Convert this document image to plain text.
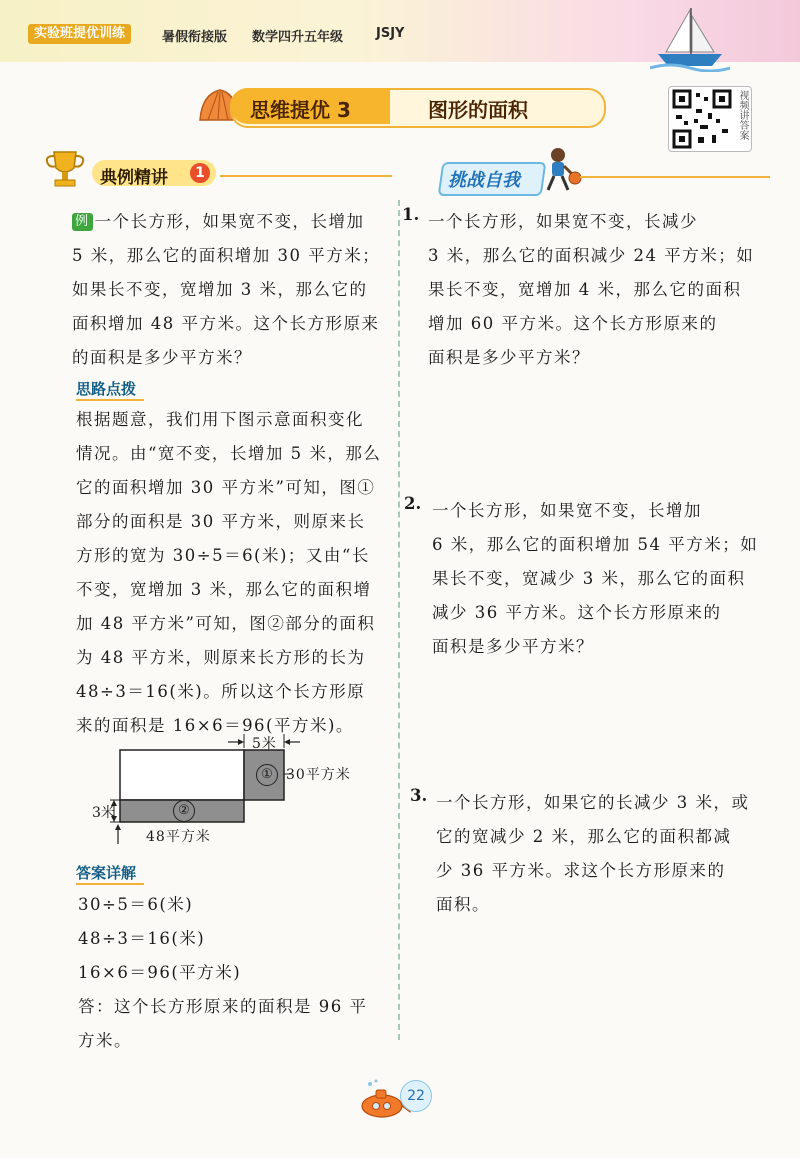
实验班提优训练	暑假衔接版 数学四升五年级	JSJY
思维提优 3	图形的面积	视频讲答案
典例精讲	1	挑战自我
例 一个长方形，如果宽不变，长增加
5 米，那么它的面积增加 30 平方米；
如果长不变，宽增加 3 米，那么它的
面积增加 48 平方米。这个长方形原来
的面积是多少平方米？
思路点拨
根据题意，我们用下图示意面积变化
情况。由“宽不变，长增加 5 米，那么
它的面积增加 30 平方米”可知，图①
部分的面积是 30 平方米，则原来长
方形的宽为 30÷5＝6(米)；又由“长
不变，宽增加 3 米，那么它的面积增
加 48 平方米”可知，图②部分的面积
为 48 平方米，则原来长方形的长为
48÷3＝16(米)。所以这个长方形原
来的面积是 16×6＝96(平方米)。
5米
30平方米
3米
48平方米
①
②
答案详解
30÷5＝6(米)
48÷3＝16(米)
16×6＝96(平方米)
答：这个长方形原来的面积是 96 平
方米。
1. 一个长方形，如果宽不变，长减少
3 米，那么它的面积减少 24 平方米；如
果长不变，宽增加 4 米，那么它的面积
增加 60 平方米。这个长方形原来的
面积是多少平方米？
2. 一个长方形，如果宽不变，长增加
6 米，那么它的面积增加 54 平方米；如
果长不变，宽减少 3 米，那么它的面积
减少 36 平方米。这个长方形原来的
面积是多少平方米？
3. 一个长方形，如果它的长减少 3 米，或
它的宽减少 2 米，那么它的面积都减
少 36 平方米。求这个长方形原来的
面积。
22
